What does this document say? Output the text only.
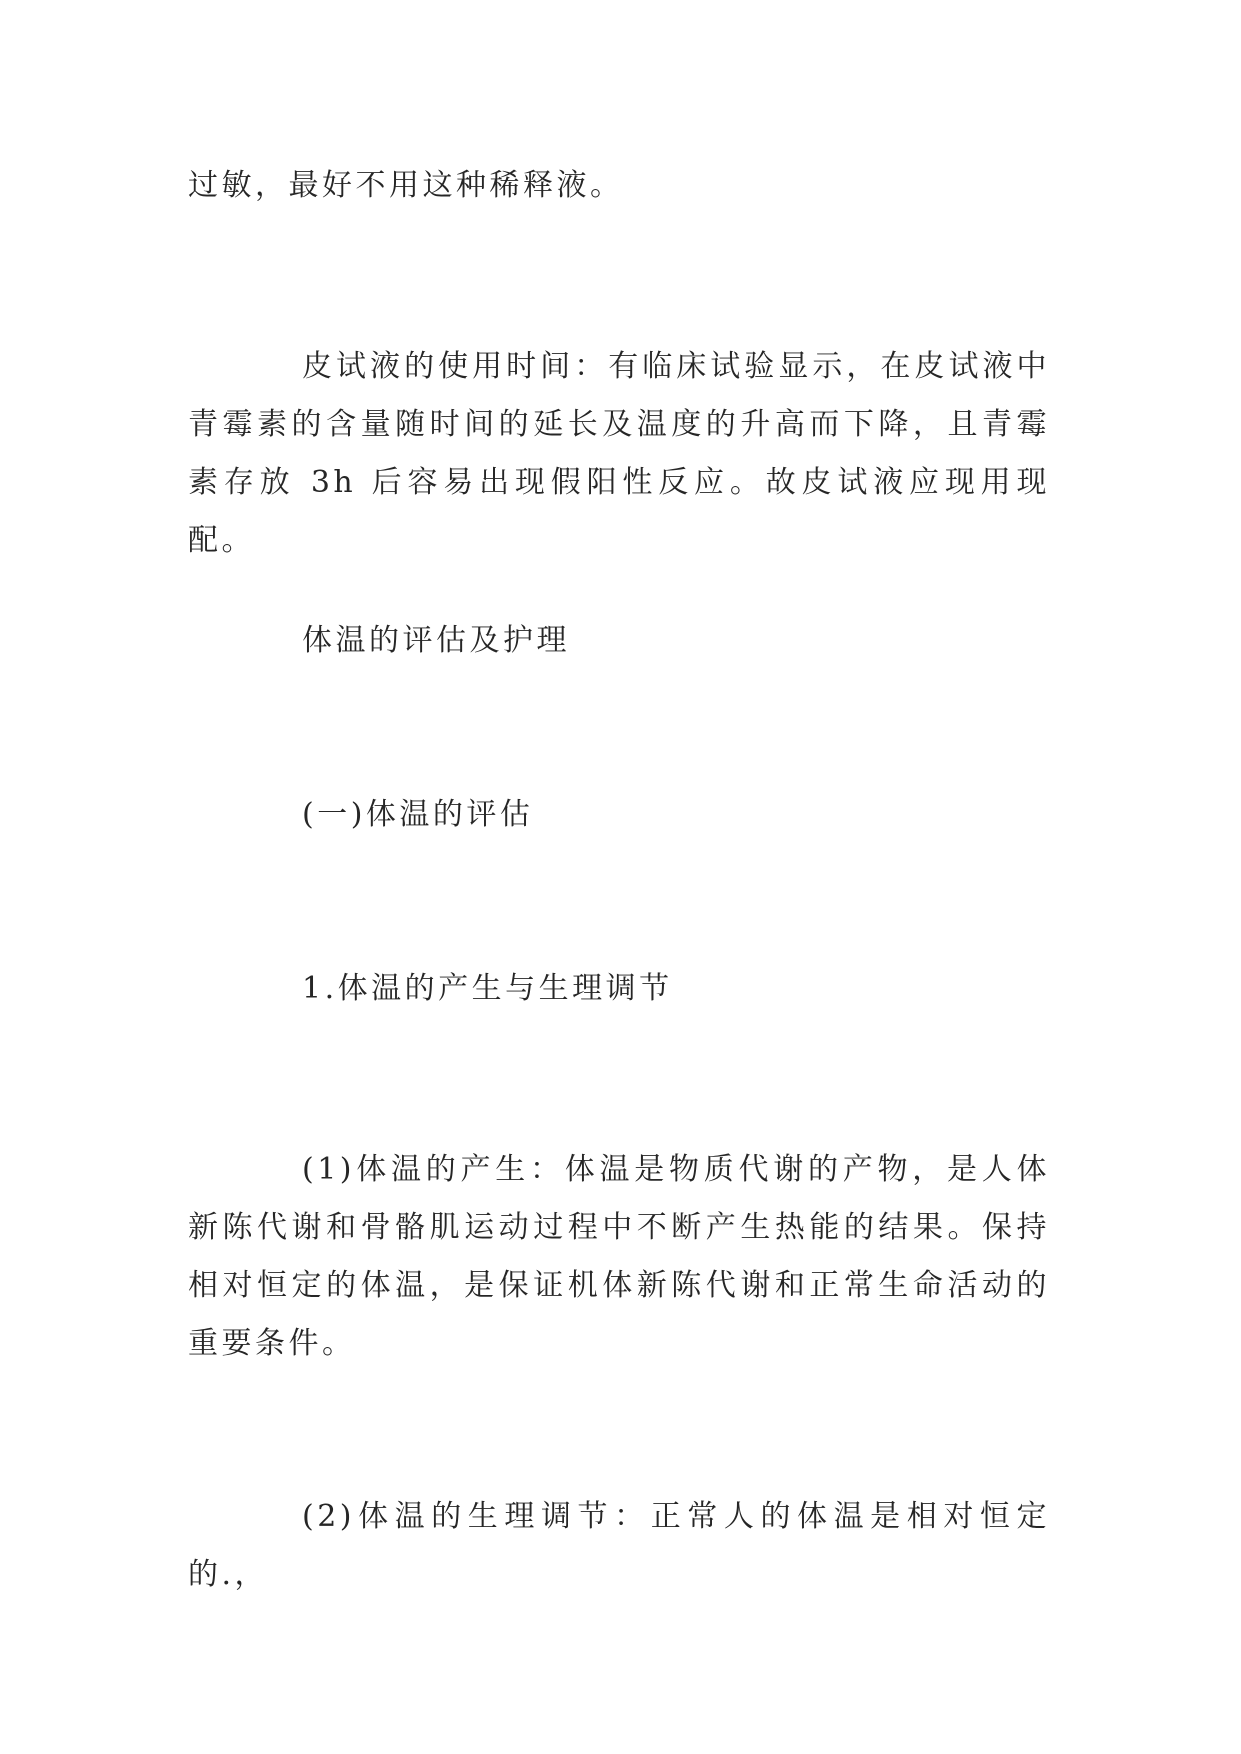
过敏，最好不用这种稀释液。

皮试液的使用时间：有临床试验显示，在皮试液中青霉素的含量随时间的延长及温度的升高而下降，且青霉素存放 3h 后容易出现假阳性反应。故皮试液应现用现配。

体温的评估及护理

(一)体温的评估

1.体温的产生与生理调节

(1)体温的产生：体温是物质代谢的产物，是人体新陈代谢和骨骼肌运动过程中不断产生热能的结果。保持相对恒定的体温，是保证机体新陈代谢和正常生命活动的重要条件。

(2)体温的生理调节：正常人的体温是相对恒定的.，
